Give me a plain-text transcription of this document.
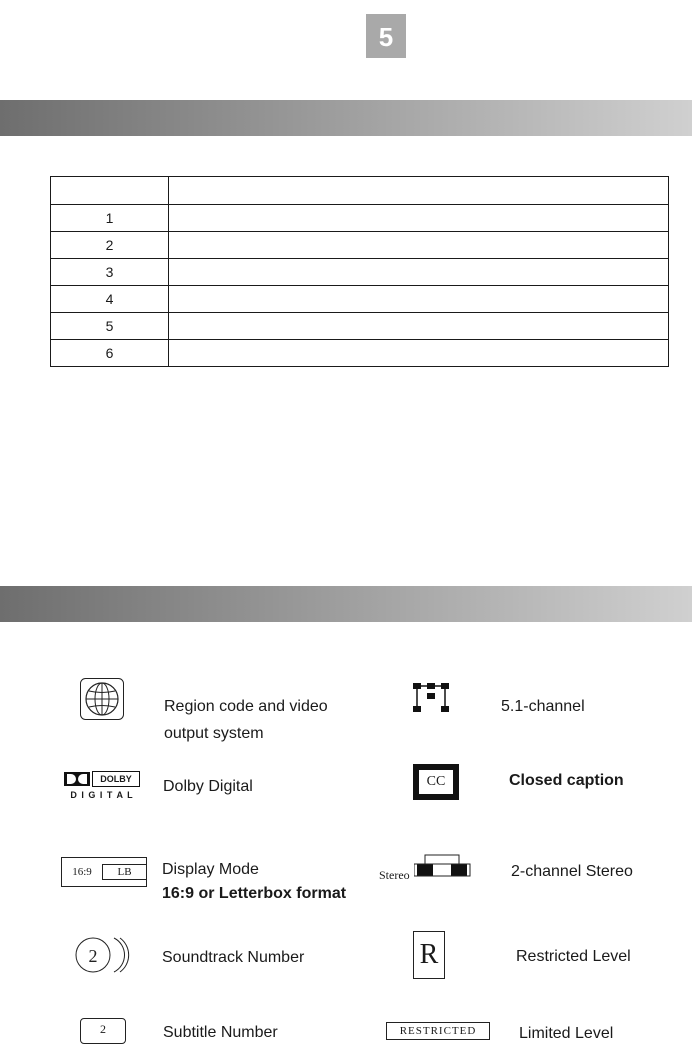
5

1	
2	
3	
4	
5	
6	
Region code and video
output system
5.1-channel
DOLBY
D I G I T A L	Dolby Digital	CC	Closed caption
16:9	LB	Display Mode
16:9 or Letterbox format
Stereo	2-channel Stereo
2	Soundtrack Number	R	Restricted Level
2	Subtitle Number	RESTRICTED	Limited Level
